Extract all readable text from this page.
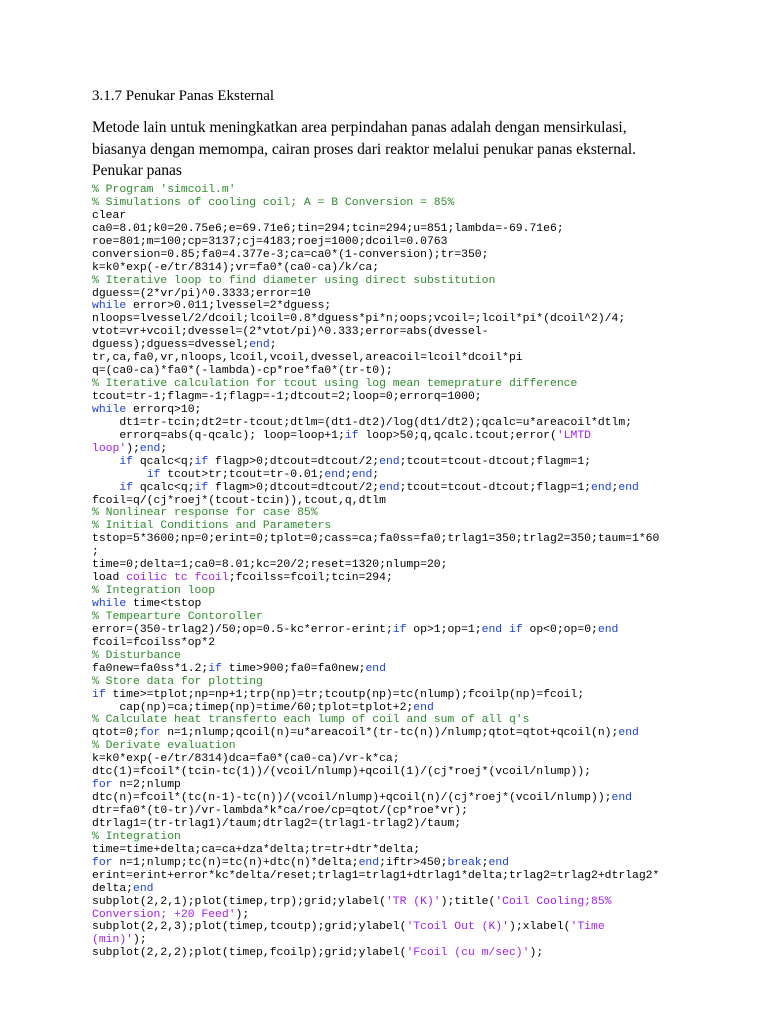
3.1.7 Penukar Panas Eksternal
Metode lain untuk meningkatkan area perpindahan panas adalah dengan mensirkulasi,
biasanya dengan memompa, cairan proses dari reaktor melalui penukar panas eksternal.
Penukar panas
% Program 'simcoil.m'
% Simulations of cooling coil; A = B Conversion = 85%
clear
ca0=8.01;k0=20.75e6;e=69.71e6;tin=294;tcin=294;u=851;lambda=-69.71e6;
roe=801;m=100;cp=3137;cj=4183;roej=1000;dcoil=0.0763
conversion=0.85;fa0=4.377e-3;ca=ca0*(1-conversion);tr=350;
k=k0*exp(-e/tr/8314);vr=fa0*(ca0-ca)/k/ca;
% Iterative loop to find diameter using direct substitution
dguess=(2*vr/pi)^0.3333;error=10
while error>0.011;lvessel=2*dguess;
nloops=lvessel/2/dcoil;lcoil=0.8*dguess*pi*n;oops;vcoil=;lcoil*pi*(dcoil^2)/4;
vtot=vr+vcoil;dvessel=(2*vtot/pi)^0.333;error=abs(dvessel-
dguess);dguess=dvessel;end;
tr,ca,fa0,vr,nloops,lcoil,vcoil,dvessel,areacoil=lcoil*dcoil*pi
q=(ca0-ca)*fa0*(-lambda)-cp*roe*fa0*(tr-t0);
% Iterative calculation for tcout using log mean temeprature difference
tcout=tr-1;flagm=-1;flagp=-1;dtcout=2;loop=0;errorq=1000;
while errorq>10;
dt1=tr-tcin;dt2=tr-tcout;dtlm=(dt1-dt2)/log(dt1/dt2);qcalc=u*areacoil*dtlm;
errorq=abs(q-qcalc); loop=loop+1;if loop>50;q,qcalc.tcout;error('LMTD
loop');end;
if qcalc<q;if flagp>0;dtcout=dtcout/2;end;tcout=tcout-dtcout;flagm=1;
if tcout>tr;tcout=tr-0.01;end;end;
if qcalc<q;if flagm>0;dtcout=dtcout/2;end;tcout=tcout-dtcout;flagp=1;end;end
fcoil=q/(cj*roej*(tcout-tcin)),tcout,q,dtlm
% Nonlinear response for case 85%
% Initial Conditions and Parameters
tstop=5*3600;np=0;erint=0;tplot=0;cass=ca;fa0ss=fa0;trlag1=350;trlag2=350;taum=1*60
;
time=0;delta=1;ca0=8.01;kc=20/2;reset=1320;nlump=20;
load coilic tc fcoil;fcoilss=fcoil;tcin=294;
% Integration loop
while time<tstop
% Tempearture Contoroller
error=(350-trlag2)/50;op=0.5-kc*error-erint;if op>1;op=1;end if op<0;op=0;end
fcoil=fcoilss*op*2
% Disturbance
fa0new=fa0ss*1.2;if time>900;fa0=fa0new;end
% Store data for plotting
if time>=tplot;np=np+1;trp(np)=tr;tcoutp(np)=tc(nlump);fcoilp(np)=fcoil;
cap(np)=ca;timep(np)=time/60;tplot=tplot+2;end
% Calculate heat transferto each lump of coil and sum of all q's
qtot=0;for n=1;nlump;qcoil(n)=u*areacoil*(tr-tc(n))/nlump;qtot=qtot+qcoil(n);end
% Derivate evaluation
k=k0*exp(-e/tr/8314)dca=fa0*(ca0-ca)/vr-k*ca;
dtc(1)=fcoil*(tcin-tc(1))/(vcoil/nlump)+qcoil(1)/(cj*roej*(vcoil/nlump));
for n=2;nlump
dtc(n)=fcoil*(tc(n-1)-tc(n))/(vcoil/nlump)+qcoil(n)/(cj*roej*(vcoil/nlump));end
dtr=fa0*(t0-tr)/vr-lambda*k*ca/roe/cp=qtot/(cp*roe*vr);
dtrlag1=(tr-trlag1)/taum;dtrlag2=(trlag1-trlag2)/taum;
% Integration
time=time+delta;ca=ca+dza*delta;tr=tr+dtr*delta;
for n=1;nlump;tc(n)=tc(n)+dtc(n)*delta;end;iftr>450;break;end
erint=erint+error*kc*delta/reset;trlag1=trlag1+dtrlag1*delta;trlag2=trlag2+dtrlag2*
delta;end
subplot(2,2,1);plot(timep,trp);grid;ylabel('TR (K)');title('Coil Cooling;85%
Conversion; +20 Feed');
subplot(2,2,3);plot(timep,tcoutp);grid;ylabel('Tcoil Out (K)');xlabel('Time
(min)');
subplot(2,2,2);plot(timep,fcoilp);grid;ylabel('Fcoil (cu m/sec)');
